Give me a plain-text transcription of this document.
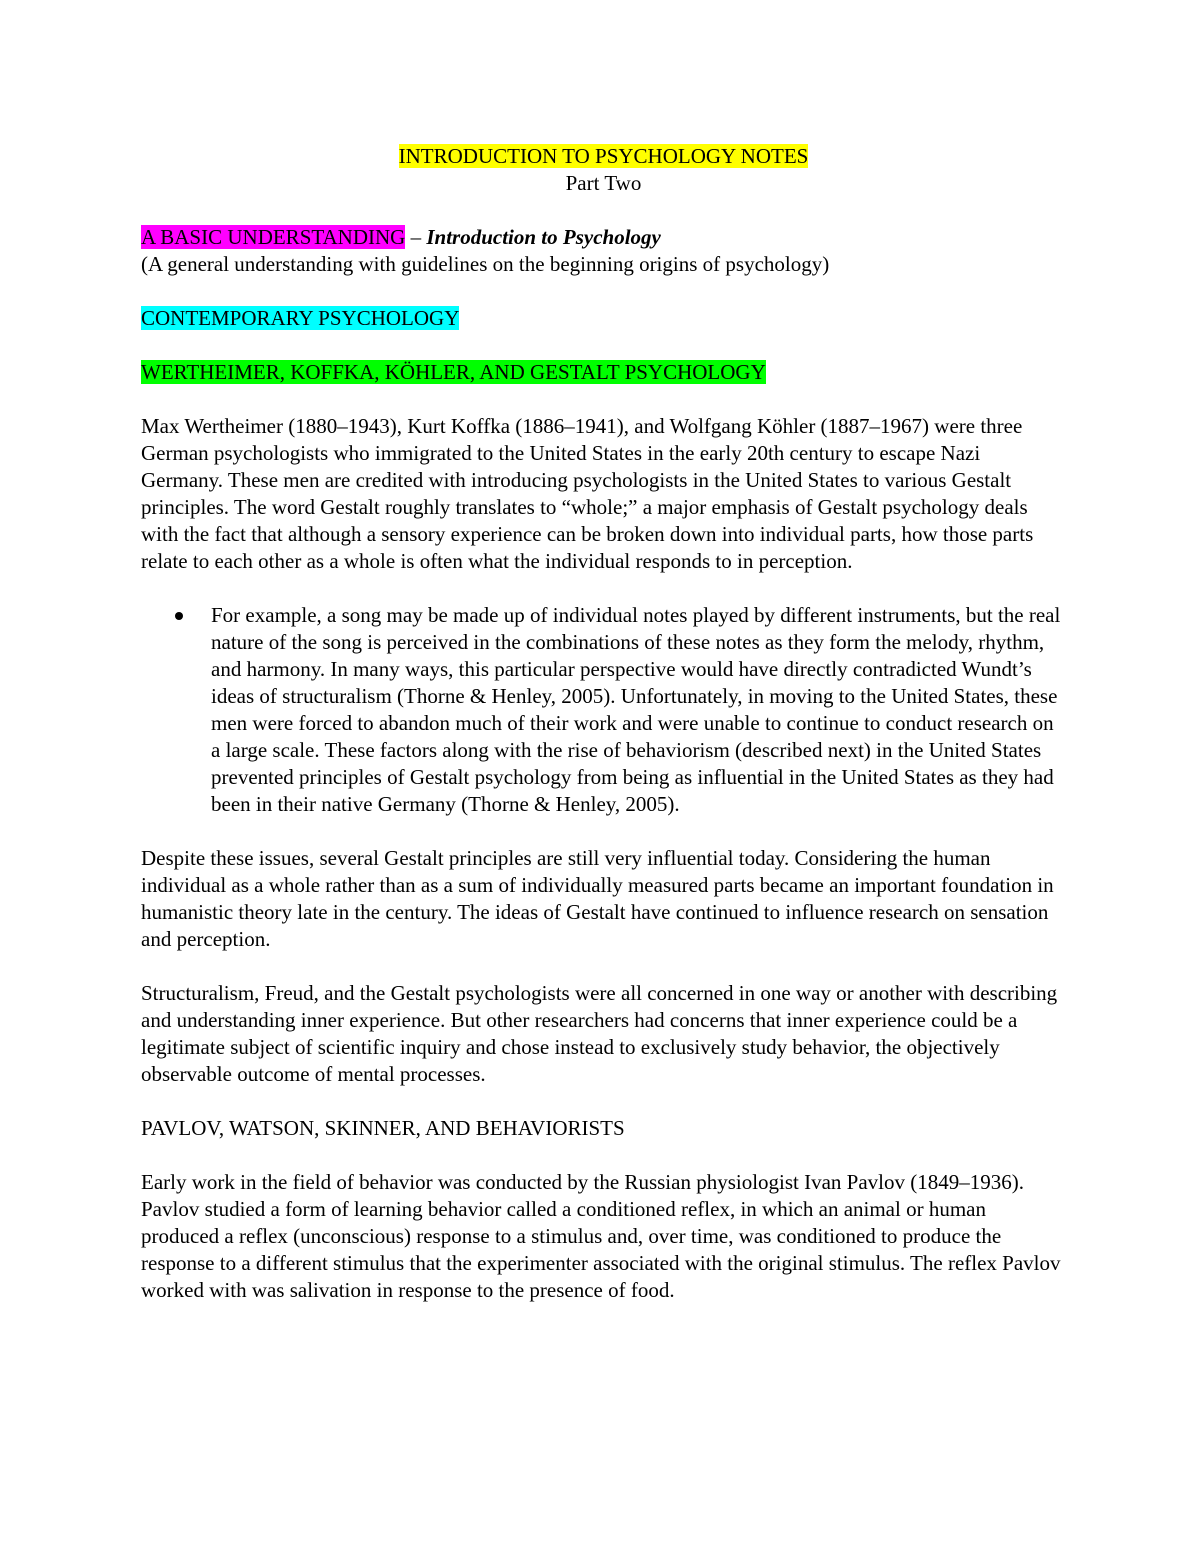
INTRODUCTION TO PSYCHOLOGY NOTES

Part Two

A BASIC UNDERSTANDING – Introduction to Psychology

(A general understanding with guidelines on the beginning origins of psychology)

CONTEMPORARY PSYCHOLOGY

WERTHEIMER, KOFFKA, KÖHLER, AND GESTALT PSYCHOLOGY

Max Wertheimer (1880–1943), Kurt Koffka (1886–1941), and Wolfgang Köhler (1887–1967) were three German psychologists who immigrated to the United States in the early 20th century to escape Nazi Germany. These men are credited with introducing psychologists in the United States to various Gestalt principles. The word Gestalt roughly translates to “whole;” a major emphasis of Gestalt psychology deals with the fact that although a sensory experience can be broken down into individual parts, how those parts relate to each other as a whole is often what the individual responds to in perception.

For example, a song may be made up of individual notes played by different instruments, but the real nature of the song is perceived in the combinations of these notes as they form the melody, rhythm, and harmony. In many ways, this particular perspective would have directly contradicted Wundt’s ideas of structuralism (Thorne & Henley, 2005). Unfortunately, in moving to the United States, these men were forced to abandon much of their work and were unable to continue to conduct research on a large scale. These factors along with the rise of behaviorism (described next) in the United States prevented principles of Gestalt psychology from being as influential in the United States as they had been in their native Germany (Thorne & Henley, 2005).

Despite these issues, several Gestalt principles are still very influential today. Considering the human individual as a whole rather than as a sum of individually measured parts became an important foundation in humanistic theory late in the century. The ideas of Gestalt have continued to influence research on sensation and perception.

Structuralism, Freud, and the Gestalt psychologists were all concerned in one way or another with describing and understanding inner experience. But other researchers had concerns that inner experience could be a legitimate subject of scientific inquiry and chose instead to exclusively study behavior, the objectively observable outcome of mental processes.

PAVLOV, WATSON, SKINNER, AND BEHAVIORISTS

Early work in the field of behavior was conducted by the Russian physiologist Ivan Pavlov (1849–1936). Pavlov studied a form of learning behavior called a conditioned reflex, in which an animal or human produced a reflex (unconscious) response to a stimulus and, over time, was conditioned to produce the response to a different stimulus that the experimenter associated with the original stimulus. The reflex Pavlov worked with was salivation in response to the presence of food.
